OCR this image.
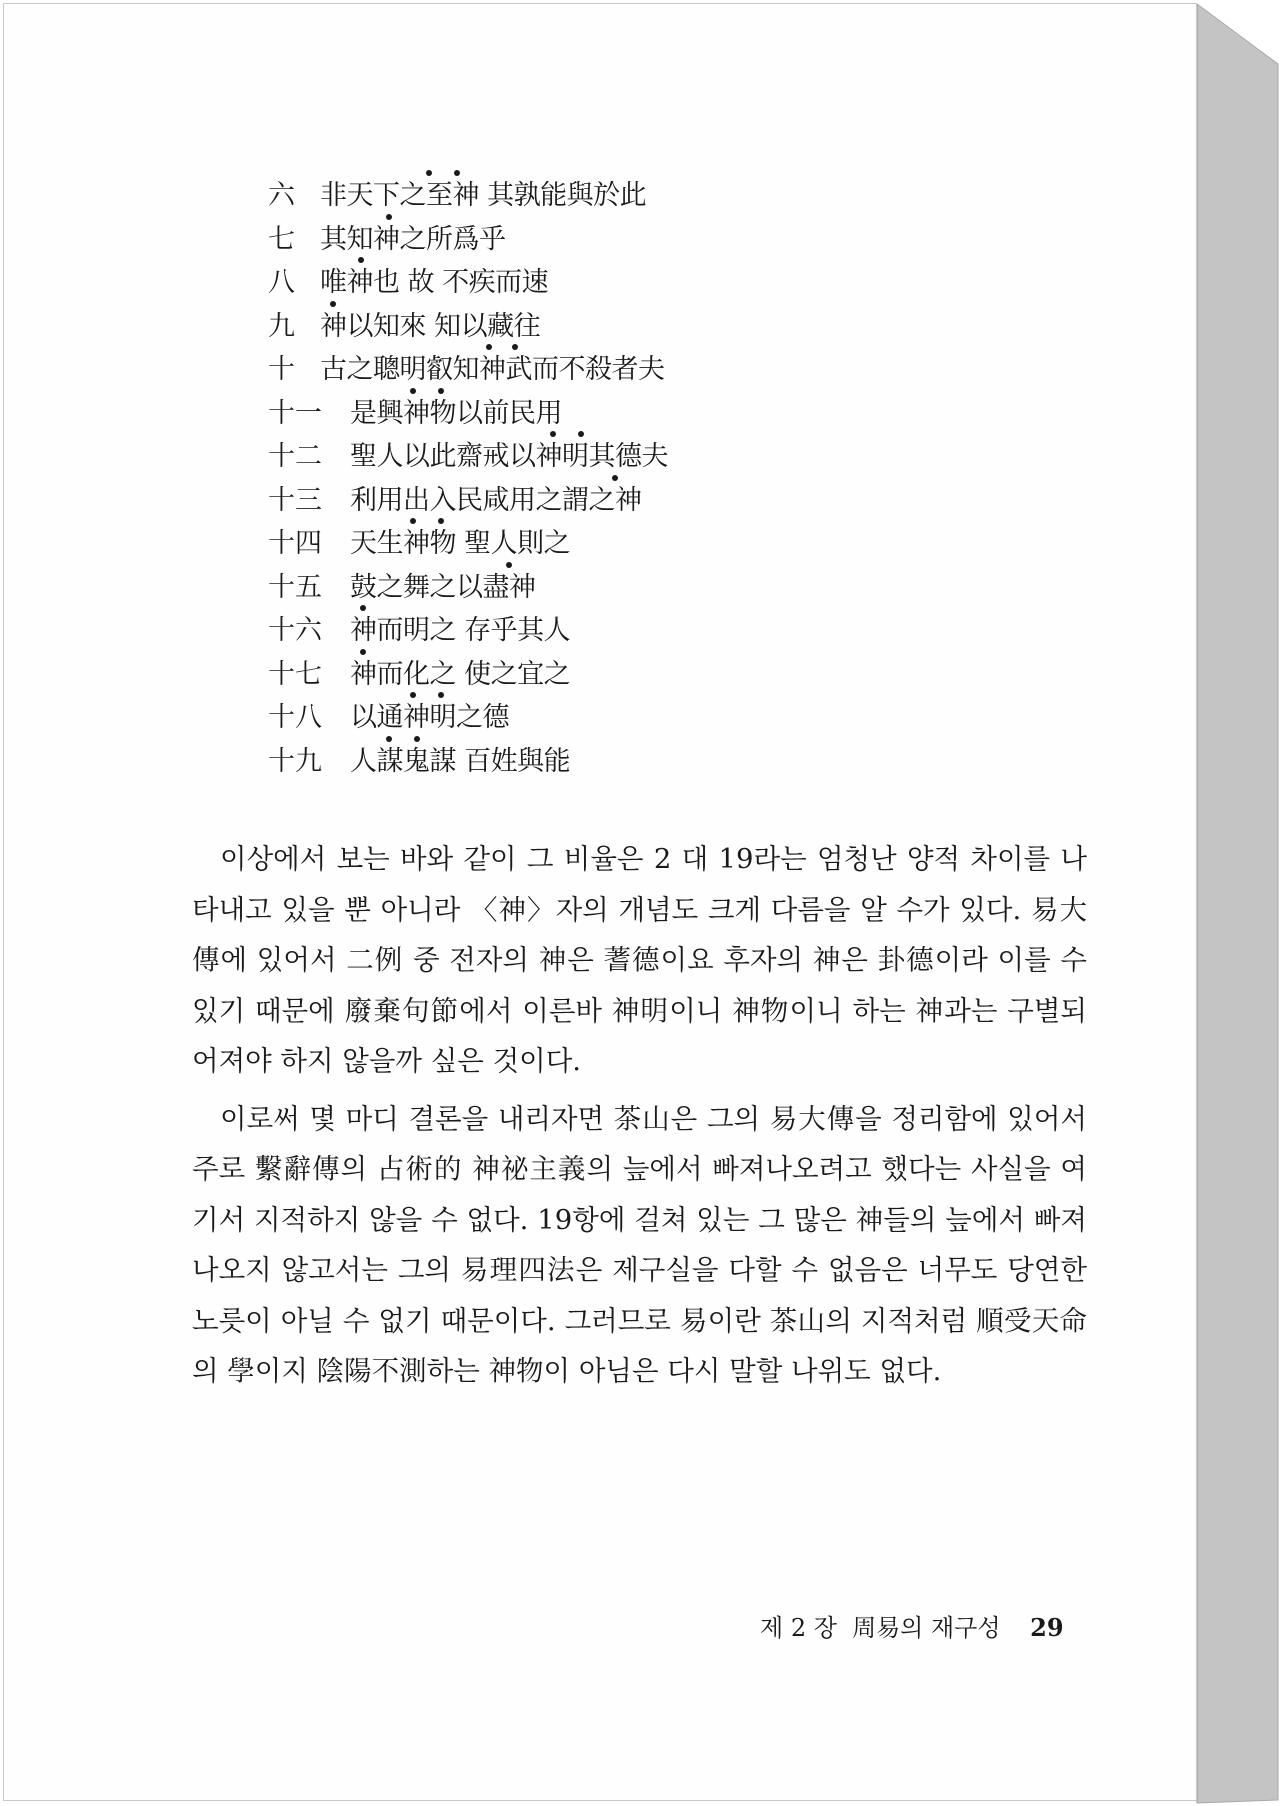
六 非天下之至神 其孰能與於此
七 其知神之所爲乎
八 唯神也 故 不疾而速
九 神以知來 知以藏往
十 古之聰明叡知神武而不殺者夫
十一 是興神物以前民用
十二 聖人以此齋戒以神明其德夫
十三 利用出入民咸用之謂之神
十四 天生神物 聖人則之
十五 鼓之舞之以盡神
十六 神而明之 存乎其人
十七 神而化之 使之宜之
十八 以通神明之德
十九 人謀鬼謀 百姓與能

이상에서 보는 바와 같이 그 비율은 2 대 19라는 엄청난 양적 차이를 나타내고 있을 뿐 아니라 〈神〉자의 개념도 크게 다름을 알 수가 있다. 易大傳에 있어서 二例 중 전자의 神은 蓍德이요 후자의 神은 卦德이라 이를 수 있기 때문에 廢棄句節에서 이른바 神明이니 神物이니 하는 神과는 구별되어져야 하지 않을까 싶은 것이다.

이로써 몇 마디 결론을 내리자면 茶山은 그의 易大傳을 정리함에 있어서 주로 繫辭傳의 占術的 神祕主義의 늪에서 빠져나오려고 했다는 사실을 여기서 지적하지 않을 수 없다. 19항에 걸쳐 있는 그 많은 神들의 늪에서 빠져나오지 않고서는 그의 易理四法은 제구실을 다할 수 없음은 너무도 당연한 노릇이 아닐 수 없기 때문이다. 그러므로 易이란 茶山의 지적처럼 順受天命의 學이지 陰陽不測하는 神物이 아님은 다시 말할 나위도 없다.

제 2 장  周易의 재구성 29
